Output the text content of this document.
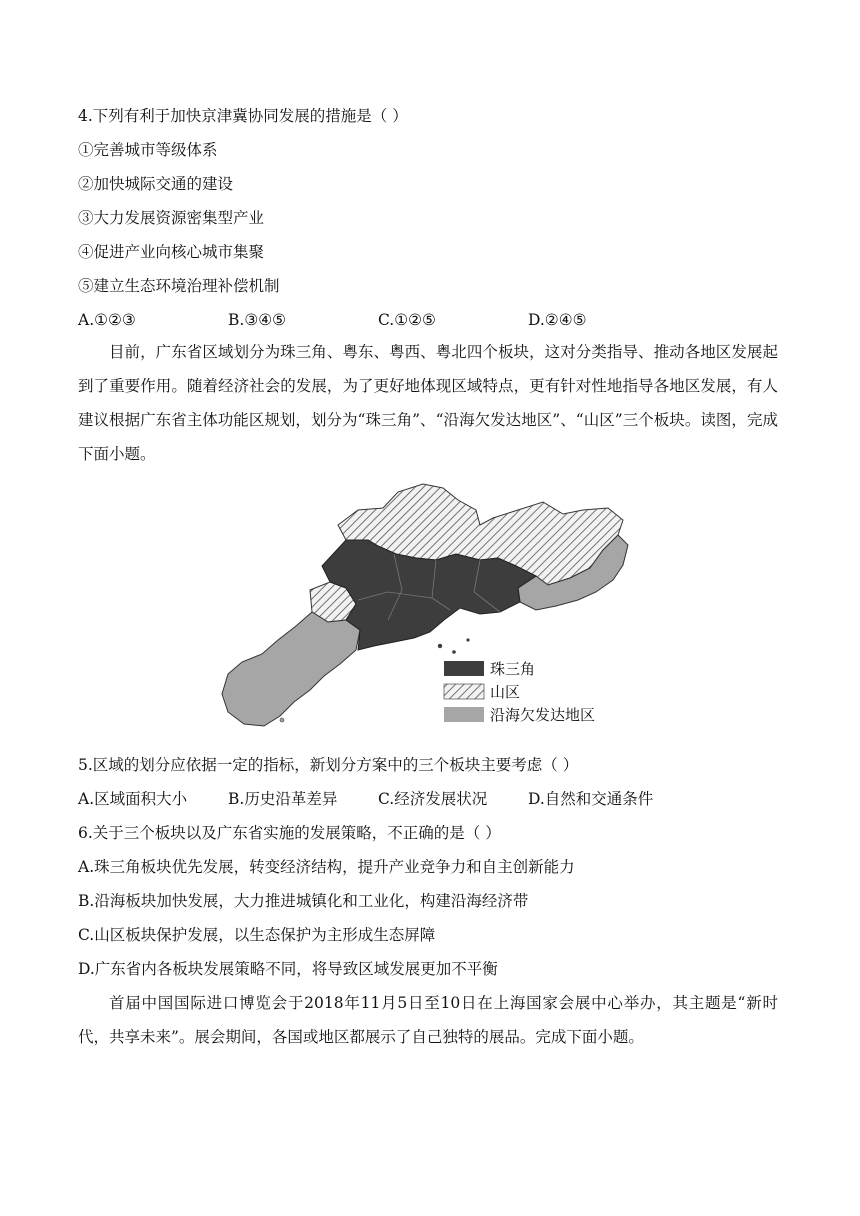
4.下列有利于加快京津冀协同发展的措施是（ ）
①完善城市等级体系
②加快城际交通的建设
③大力发展资源密集型产业
④促进产业向核心城市集聚
⑤建立生态环境治理补偿机制
A.①②③	B.③④⑤	C.①②⑤	D.②④⑤
目前，广东省区域划分为珠三角、粤东、粤西、粤北四个板块，这对分类指导、推动各地区发展起到了重要作用。随着经济社会的发展，为了更好地体现区域特点，更有针对性地指导各地区发展，有人建议根据广东省主体功能区规划，划分为“珠三角”、“沿海欠发达地区”、“山区”三个板块。读图，完成下面小题。
珠三角
山区
沿海欠发达地区
5.区域的划分应依据一定的指标，新划分方案中的三个板块主要考虑（ ）
A.区域面积大小	B.历史沿革差异	C.经济发展状况	D.自然和交通条件
6.关于三个板块以及广东省实施的发展策略，不正确的是（ ）
A.珠三角板块优先发展，转变经济结构，提升产业竞争力和自主创新能力
B.沿海板块加快发展，大力推进城镇化和工业化，构建沿海经济带
C.山区板块保护发展，以生态保护为主形成生态屏障
D.广东省内各板块发展策略不同，将导致区域发展更加不平衡
首届中国国际进口博览会于2018年11月5日至10日在上海国家会展中心举办，其主题是“新时代，共享未来”。展会期间，各国或地区都展示了自己独特的展品。完成下面小题。
